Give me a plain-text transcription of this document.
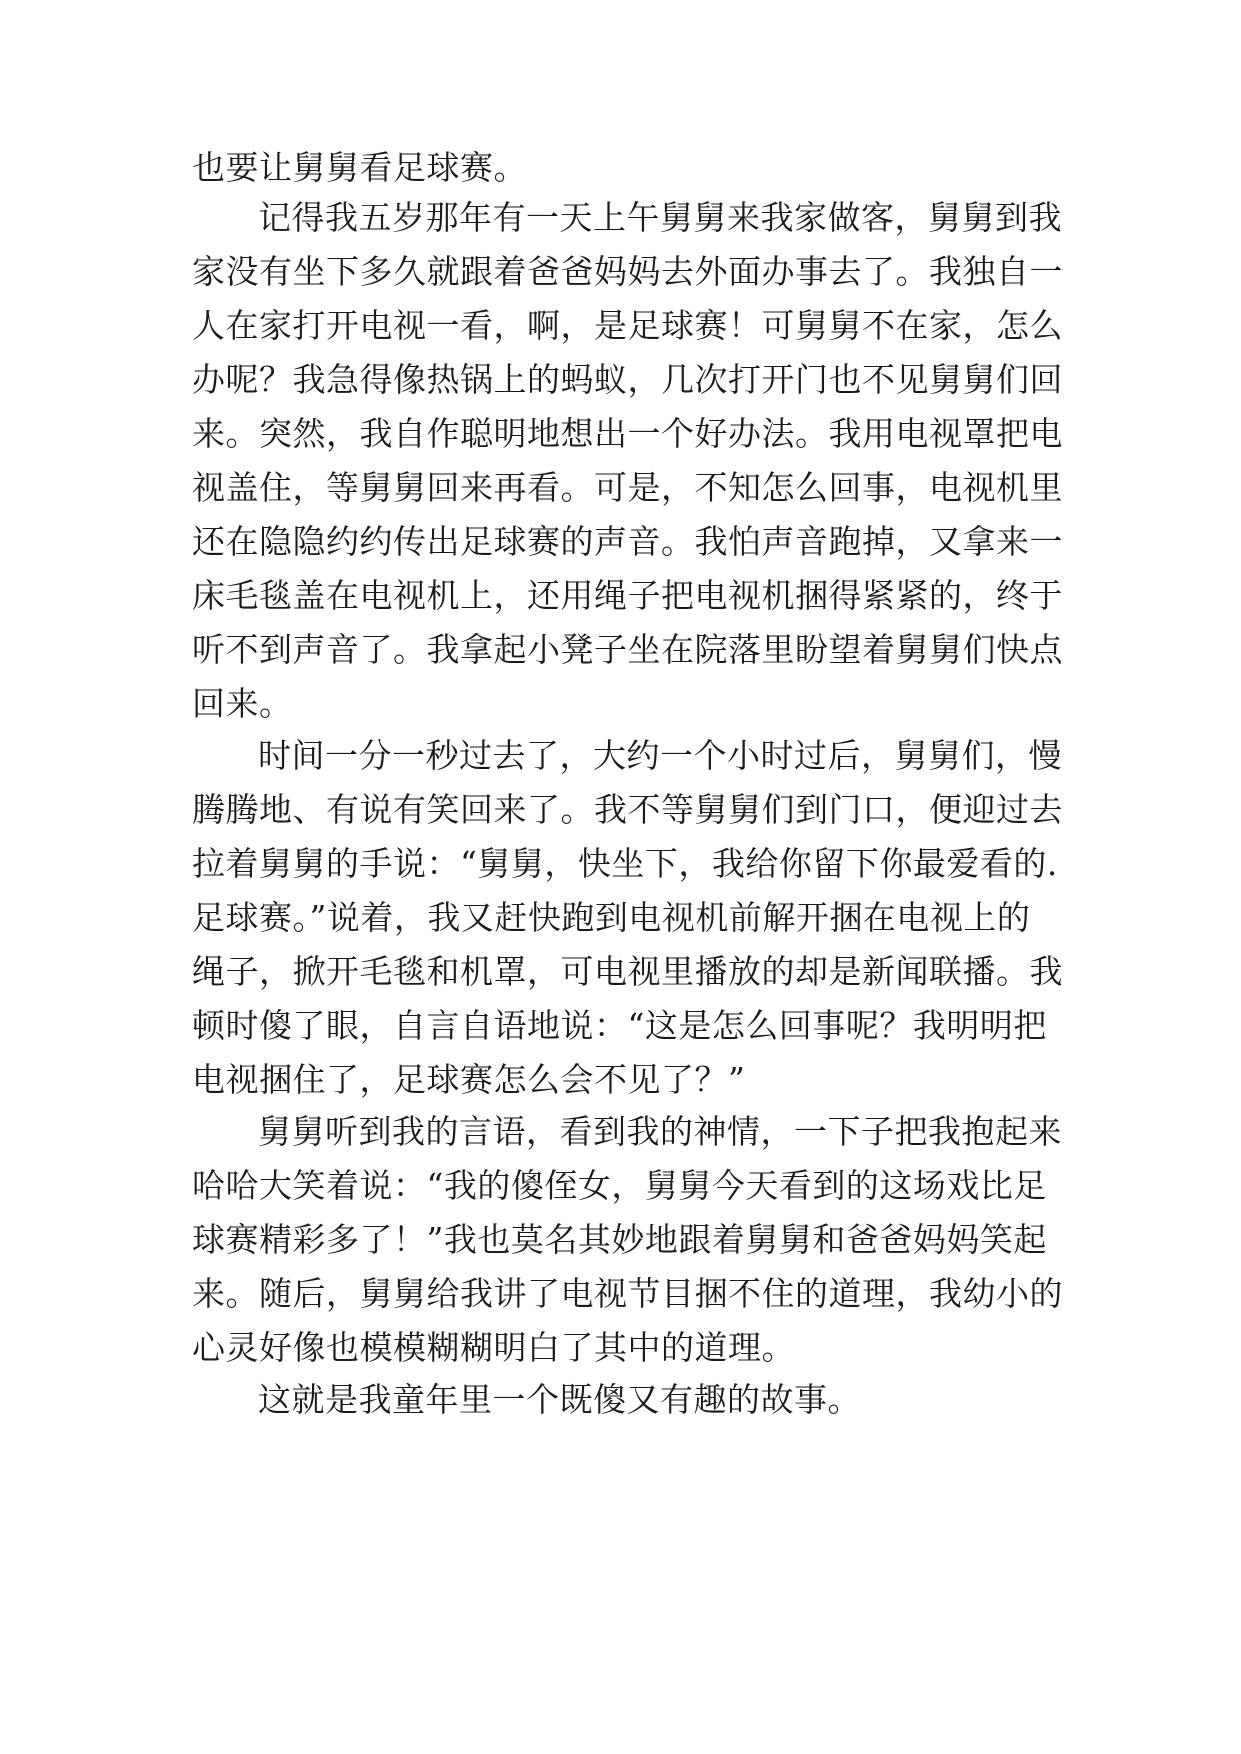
也要让舅舅看足球赛。

记得我五岁那年有一天上午舅舅来我家做客，舅舅到我

家没有坐下多久就跟着爸爸妈妈去外面办事去了。我独自一

人在家打开电视一看，啊，是足球赛！可舅舅不在家，怎么

办呢？我急得像热锅上的蚂蚁，几次打开门也不见舅舅们回

来。突然，我自作聪明地想出一个好办法。我用电视罩把电

视盖住，等舅舅回来再看。可是，不知怎么回事，电视机里

还在隐隐约约传出足球赛的声音。我怕声音跑掉，又拿来一

床毛毯盖在电视机上，还用绳子把电视机捆得紧紧的，终于

听不到声音了。我拿起小凳子坐在院落里盼望着舅舅们快点

回来。

时间一分一秒过去了，大约一个小时过后，舅舅们，慢

腾腾地、有说有笑回来了。我不等舅舅们到门口，便迎过去

拉着舅舅的手说：“舅舅，快坐下，我给你留下你最爱看的.

足球赛。”说着，我又赶快跑到电视机前解开捆在电视上的

绳子，掀开毛毯和机罩，可电视里播放的却是新闻联播。我

顿时傻了眼，自言自语地说：“这是怎么回事呢？我明明把

电视捆住了，足球赛怎么会不见了？”

舅舅听到我的言语，看到我的神情，一下子把我抱起来

哈哈大笑着说：“我的傻侄女，舅舅今天看到的这场戏比足

球赛精彩多了！”我也莫名其妙地跟着舅舅和爸爸妈妈笑起

来。随后，舅舅给我讲了电视节目捆不住的道理，我幼小的

心灵好像也模模糊糊明白了其中的道理。

这就是我童年里一个既傻又有趣的故事。
